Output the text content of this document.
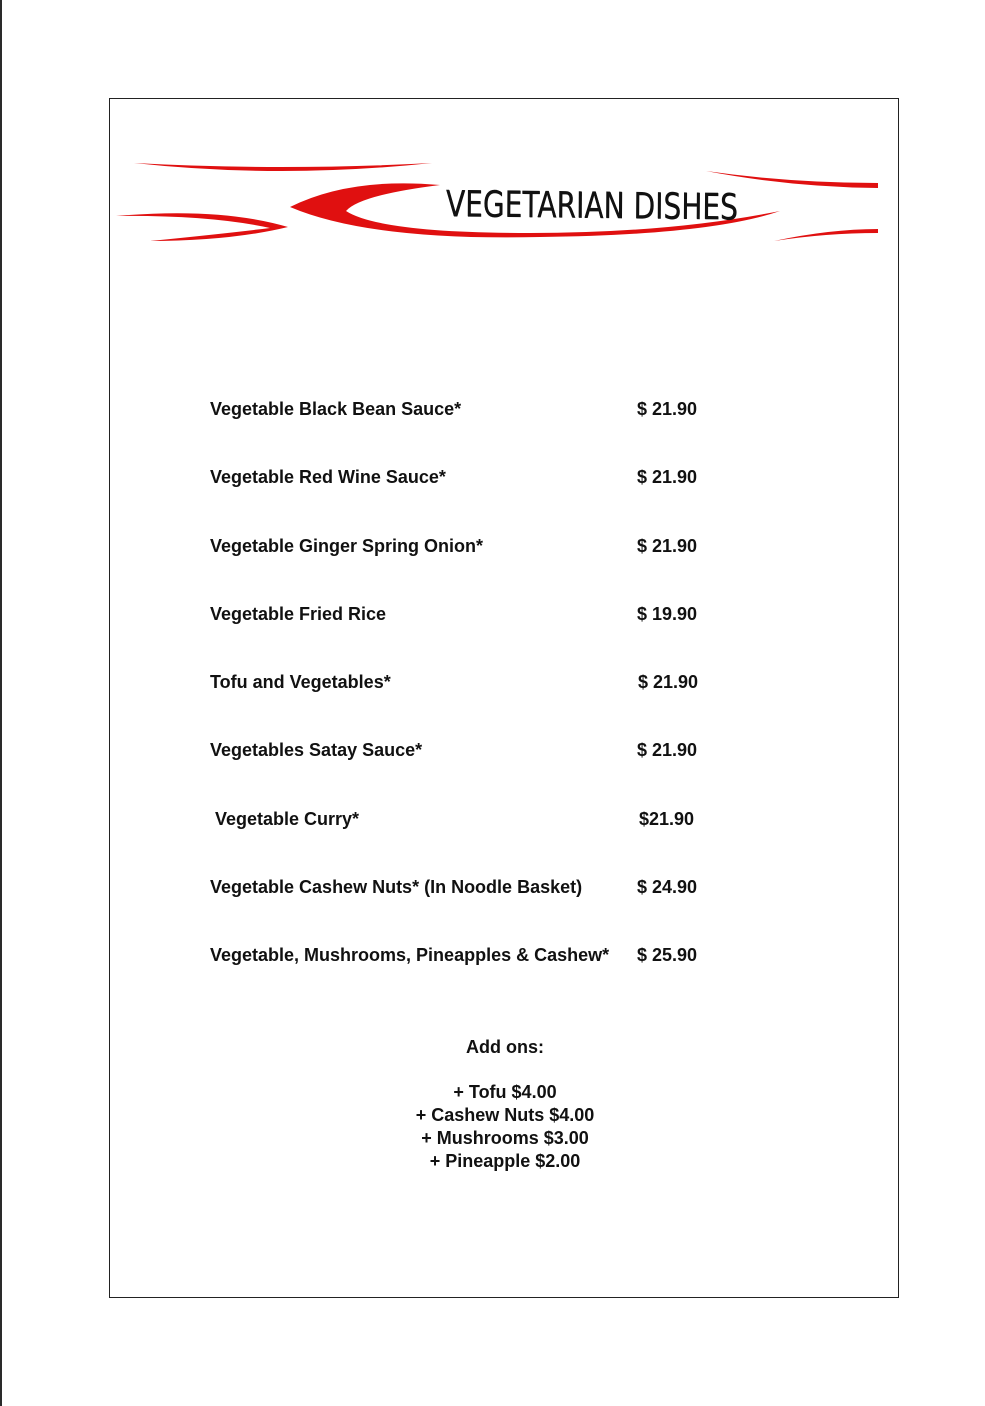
VEGETARIAN DISHES
Vegetable Black Bean Sauce*	$ 21.90
Vegetable Red Wine Sauce*	$ 21.90
Vegetable Ginger Spring Onion*	$ 21.90
Vegetable Fried Rice	$ 19.90
Tofu and Vegetables*	$ 21.90
Vegetables Satay Sauce*	$ 21.90
Vegetable Curry*	$21.90
Vegetable Cashew Nuts* (In Noodle Basket)	$ 24.90
Vegetable, Mushrooms, Pineapples & Cashew* $ 25.90
Add ons:
+ Tofu $4.00
+ Cashew Nuts $4.00
+ Mushrooms $3.00
+ Pineapple $2.00
